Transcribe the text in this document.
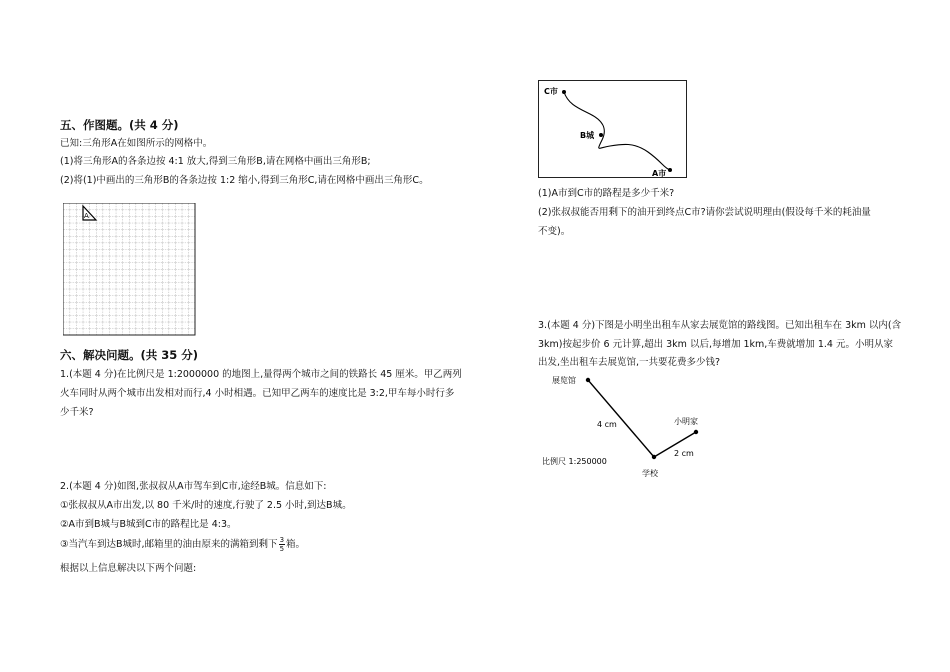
五、作图题。(共 4 分)
已知:三角形A在如图所示的网格中。
(1)将三角形A的各条边按 4:1 放大,得到三角形B,请在网格中画出三角形B;
(2)将(1)中画出的三角形B的各条边按 1:2 缩小,得到三角形C,请在网格中画出三角形C。
A
六、解决问题。(共 35 分)
1.(本题 4 分)在比例尺是 1:2000000 的地图上,量得两个城市之间的铁路长 45 厘米。甲乙两列
火车同时从两个城市出发相对而行,4 小时相遇。已知甲乙两车的速度比是 3:2,甲车每小时行多
少千米?
2.(本题 4 分)如图,张叔叔从A市驾车到C市,途经B城。信息如下:
①张叔叔从A市出发,以 80 千米/时的速度,行驶了 2.5 小时,到达B城。
②A市到B城与B城到C市的路程比是 4:3。
③当汽车到达B城时,邮箱里的油由原来的满箱到剩下 $\frac{3}{5}$ 箱。
根据以上信息解决以下两个问题:
C市
B城
A市
(1)A市到C市的路程是多少千米?
(2)张叔叔能否用剩下的油开到终点C市?请你尝试说明理由(假设每千米的耗油量
不变)。
3.(本题 4 分)下图是小明坐出租车从家去展览馆的路线图。已知出租车在 3km 以内(含
3km)按起步价 6 元计算,超出 3km 以后,每增加 1km,车费就增加 1.4 元。小明从家
出发,坐出租车去展览馆,一共要花费多少钱?
展览馆
小明家
学校
4 cm
2 cm
比例尺 1:250000
